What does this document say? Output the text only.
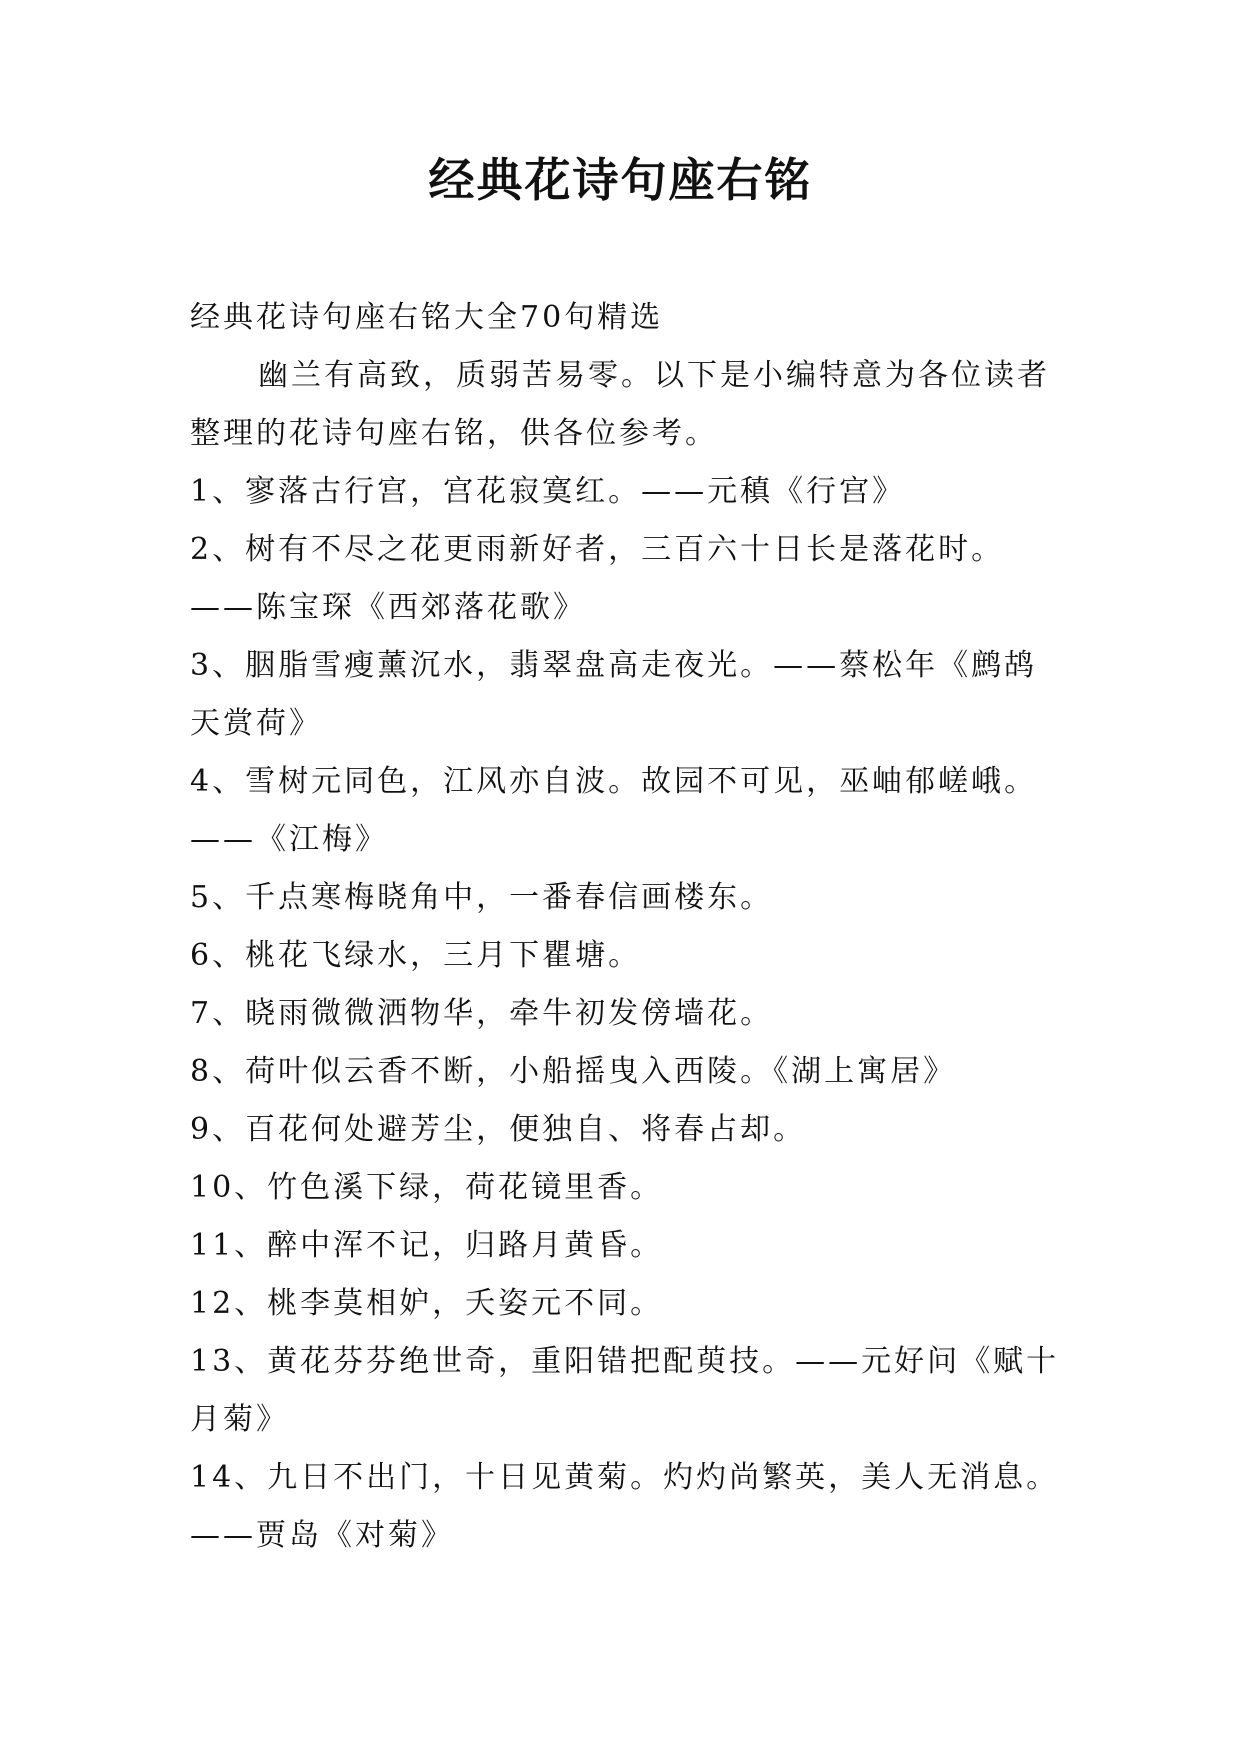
经典花诗句座右铭

经典花诗句座右铭大全70句精选

幽兰有高致，质弱苦易零。以下是小编特意为各位读者整理的花诗句座右铭，供各位参考。

1、寥落古行宫，宫花寂寞红。——元稹《行宫》

2、树有不尽之花更雨新好者，三百六十日长是落花时。——陈宝琛《西郊落花歌》

3、胭脂雪瘦薰沉水，翡翠盘高走夜光。——蔡松年《鹧鸪天赏荷》

4、雪树元同色，江风亦自波。故园不可见，巫岫郁嵯峨。——《江梅》

5、千点寒梅晓角中，一番春信画楼东。

6、桃花飞绿水，三月下瞿塘。

7、晓雨微微洒物华，牵牛初发傍墙花。

8、荷叶似云香不断，小船摇曳入西陵。《湖上寓居》

9、百花何处避芳尘，便独自、将春占却。

10、竹色溪下绿，荷花镜里香。

11、醉中浑不记，归路月黄昏。

12、桃李莫相妒，夭姿元不同。

13、黄花芬芬绝世奇，重阳错把配萸技。——元好问《赋十月菊》

14、九日不出门，十日见黄菊。灼灼尚繁英，美人无消息。——贾岛《对菊》
